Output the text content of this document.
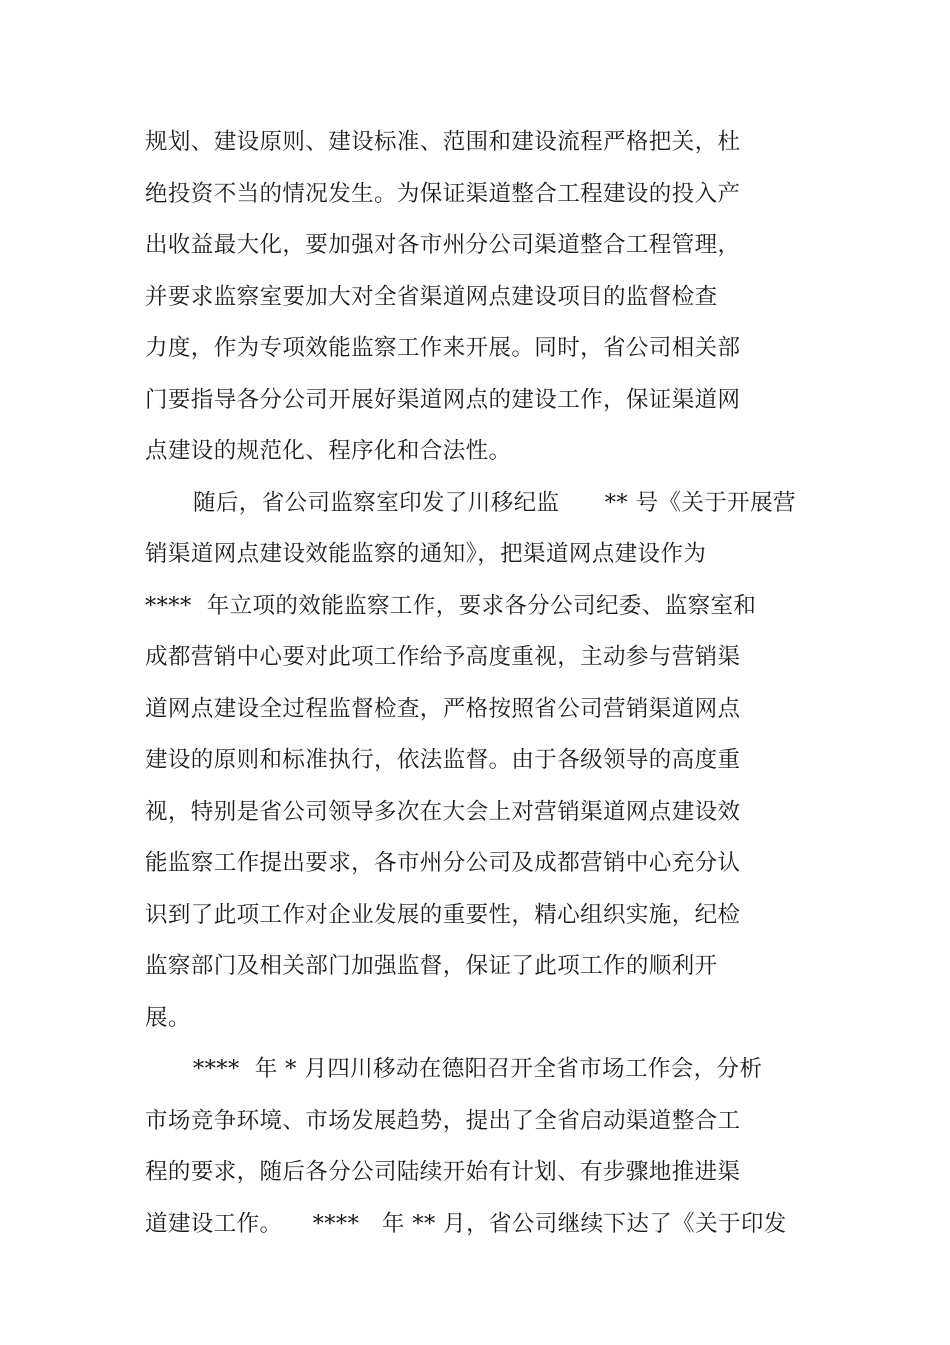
规划、建设原则、建设标准、范围和建设流程严格把关，杜
绝投资不当的情况发生。为保证渠道整合工程建设的投入产
出收益最大化，要加强对各市州分公司渠道整合工程管理，
并要求监察室要加大对全省渠道网点建设项目的监督检查
力度，作为专项效能监察工作来开展。同时，省公司相关部
门要指导各分公司开展好渠道网点的建设工作，保证渠道网
点建设的规范化、程序化和合法性。
随后，省公司监察室印发了川移纪监      ** 号《关于开展营
销渠道网点建设效能监察的通知》，把渠道网点建设作为
****  年立项的效能监察工作，要求各分公司纪委、监察室和
成都营销中心要对此项工作给予高度重视，主动参与营销渠
道网点建设全过程监督检查，严格按照省公司营销渠道网点
建设的原则和标准执行，依法监督。由于各级领导的高度重
视，特别是省公司领导多次在大会上对营销渠道网点建设效
能监察工作提出要求，各市州分公司及成都营销中心充分认
识到了此项工作对企业发展的重要性，精心组织实施，纪检
监察部门及相关部门加强监督，保证了此项工作的顺利开
展。
****  年 * 月四川移动在德阳召开全省市场工作会，分析
市场竞争环境、市场发展趋势，提出了全省启动渠道整合工
程的要求，随后各分公司陆续开始有计划、有步骤地推进渠
道建设工作。    ****   年 ** 月，省公司继续下达了《关于印发
